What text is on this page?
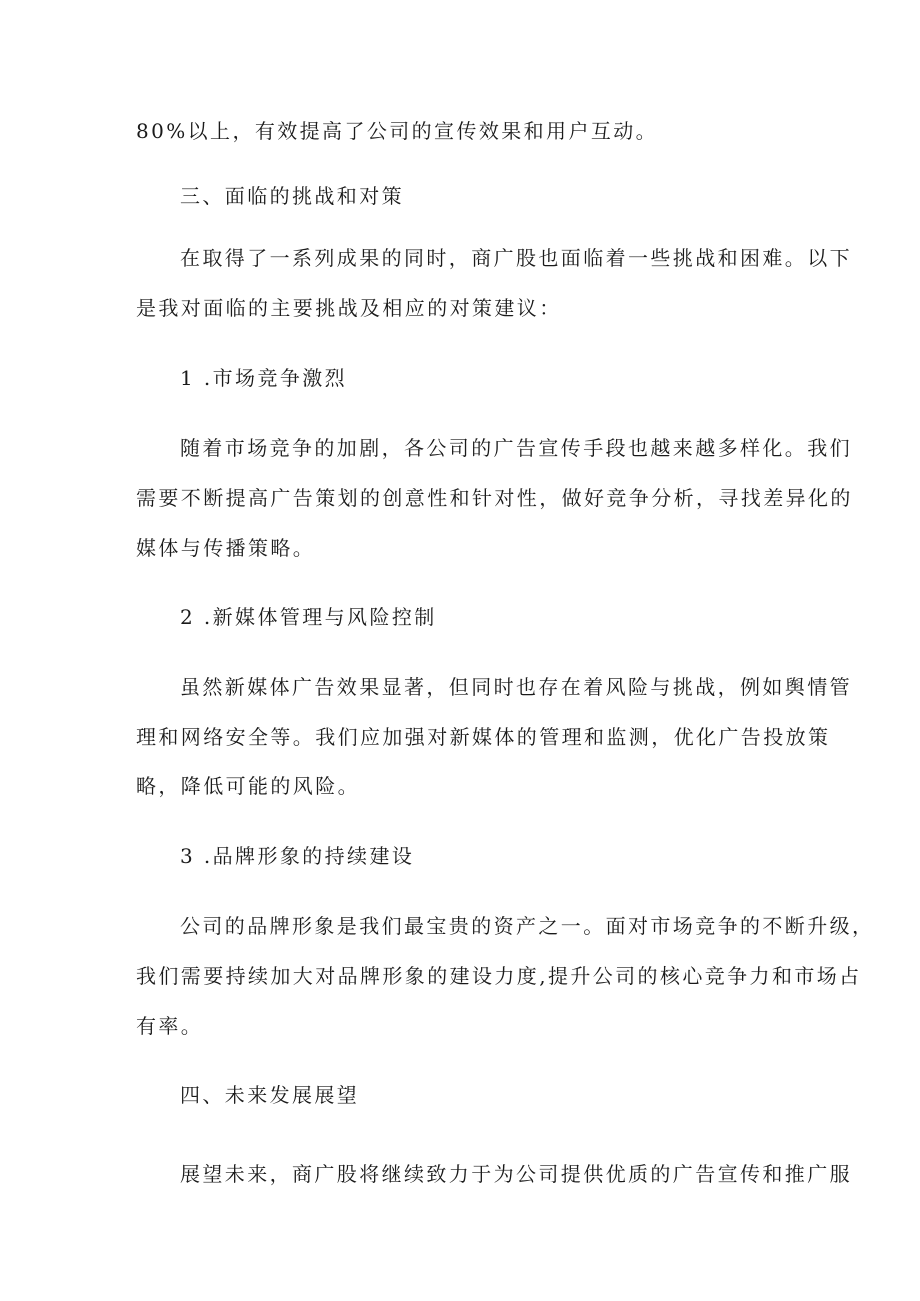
80%以上，有效提高了公司的宣传效果和用户互动。
三、面临的挑战和对策
在取得了一系列成果的同时，商广股也面临着一些挑战和困难。以下
是我对面临的主要挑战及相应的对策建议：
1 .市场竞争激烈
随着市场竞争的加剧，各公司的广告宣传手段也越来越多样化。我们
需要不断提高广告策划的创意性和针对性，做好竞争分析，寻找差异化的
媒体与传播策略。
2 .新媒体管理与风险控制
虽然新媒体广告效果显著，但同时也存在着风险与挑战，例如舆情管
理和网络安全等。我们应加强对新媒体的管理和监测，优化广告投放策
略，降低可能的风险。
3 .品牌形象的持续建设
公司的品牌形象是我们最宝贵的资产之一。面对市场竞争的不断升级，
我们需要持续加大对品牌形象的建设力度,提升公司的核心竞争力和市场占
有率。
四、未来发展展望
展望未来，商广股将继续致力于为公司提供优质的广告宣传和推广服
